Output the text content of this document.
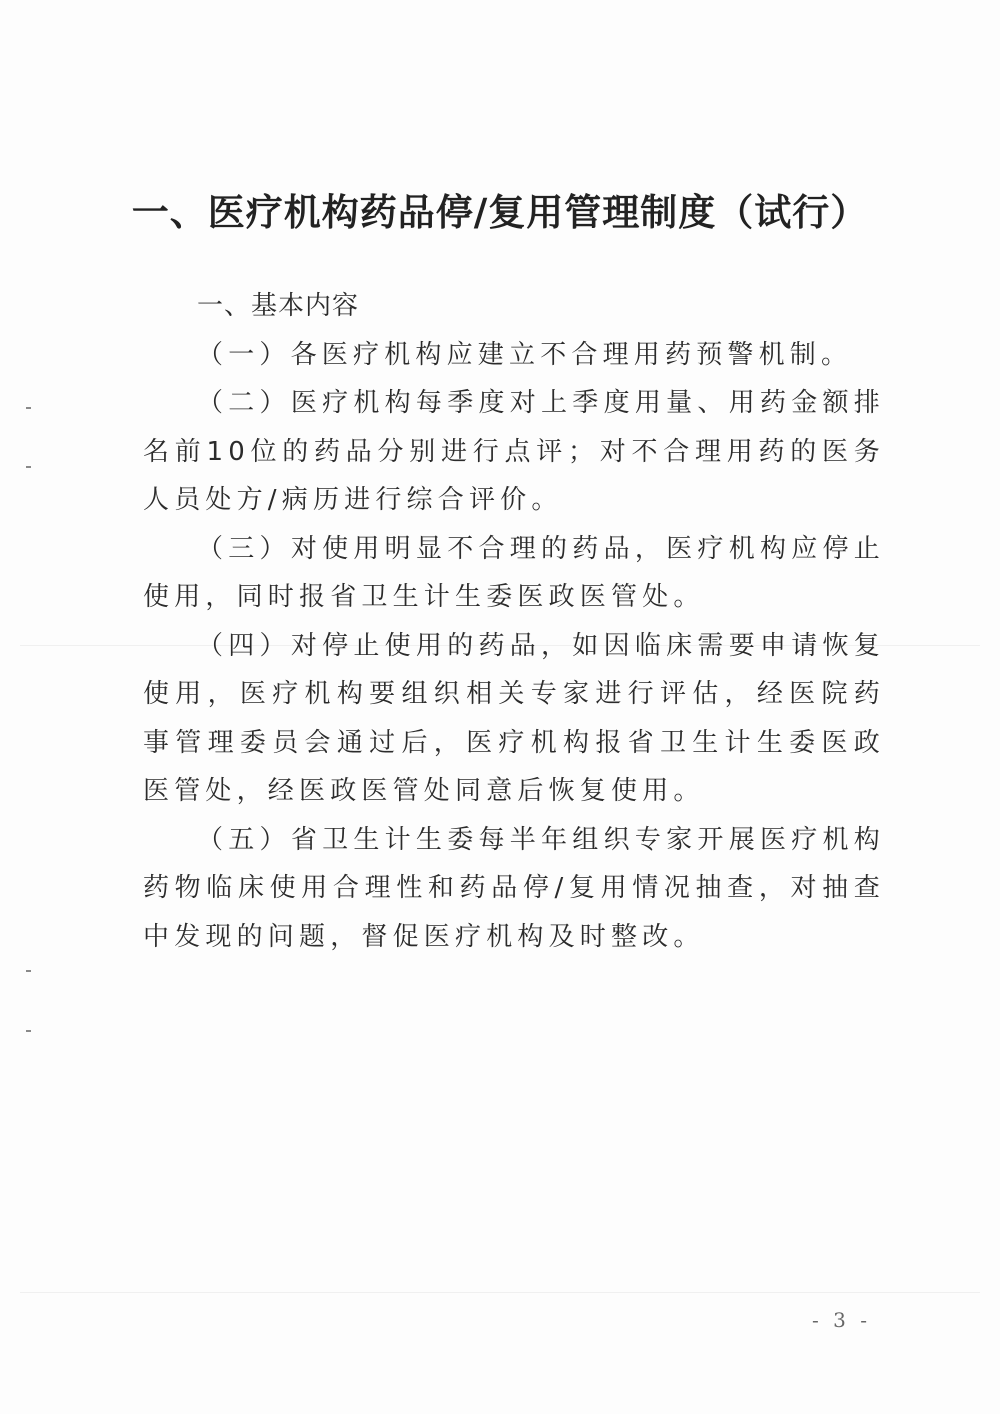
一、医疗机构药品停/复用管理制度（试行）

一、基本内容

（一）各医疗机构应建立不合理用药预警机制。

（二）医疗机构每季度对上季度用量、用药金额排名前10位的药品分别进行点评；对不合理用药的医务人员处方/病历进行综合评价。

（三）对使用明显不合理的药品，医疗机构应停止使用，同时报省卫生计生委医政医管处。

（四）对停止使用的药品，如因临床需要申请恢复使用，医疗机构要组织相关专家进行评估，经医院药事管理委员会通过后，医疗机构报省卫生计生委医政医管处，经医政医管处同意后恢复使用。

（五）省卫生计生委每半年组织专家开展医疗机构药物临床使用合理性和药品停/复用情况抽查，对抽查中发现的问题，督促医疗机构及时整改。

- 3 -
